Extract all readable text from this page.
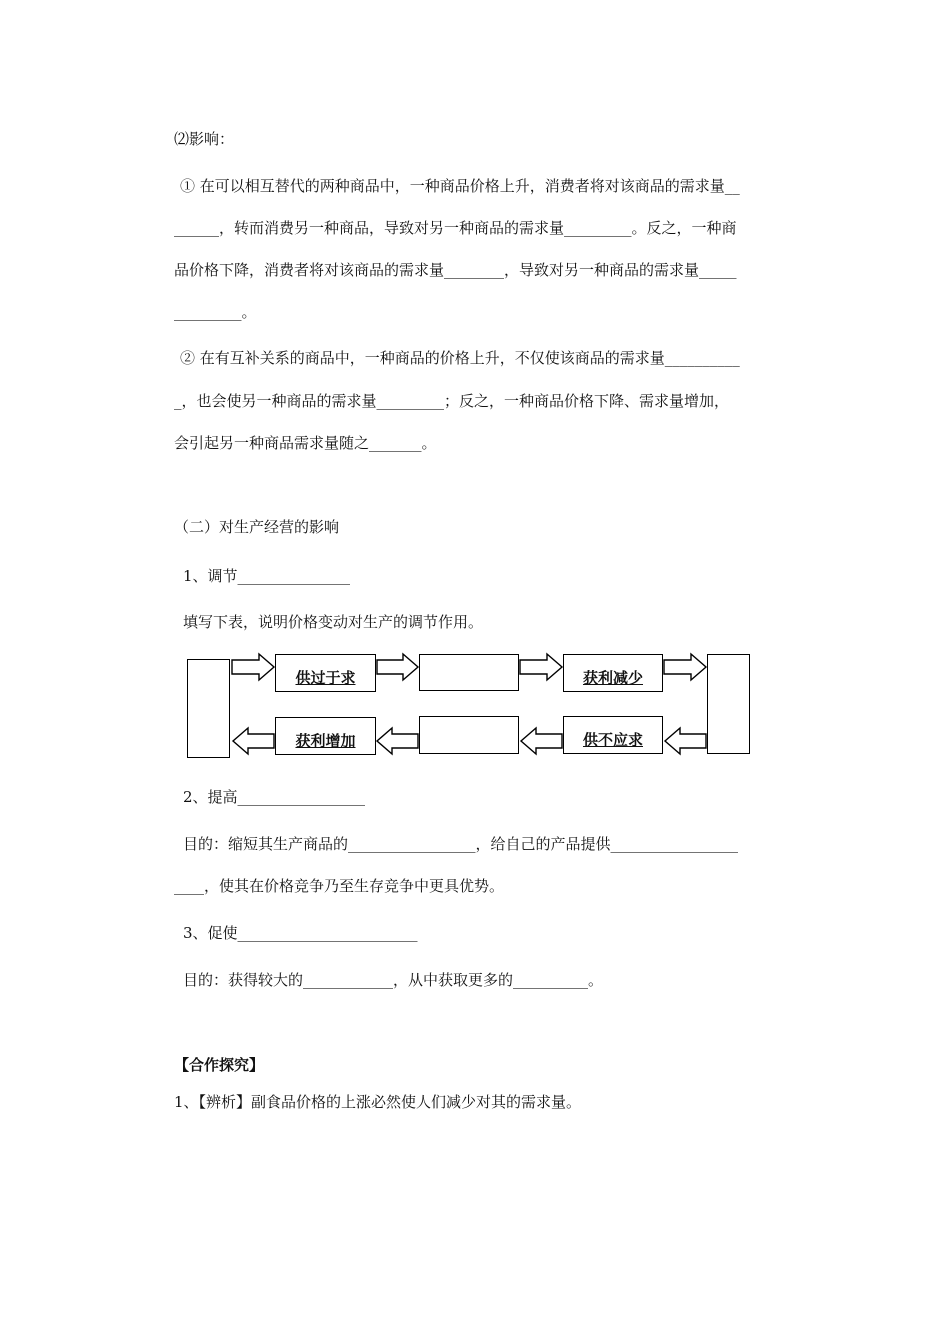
⑵影响：
① 在可以相互替代的两种商品中，一种商品价格上升，消费者将对该商品的需求量__
______，转而消费另一种商品，导致对另一种商品的需求量_________。反之，一种商
品价格下降，消费者将对该商品的需求量________，导致对另一种商品的需求量_____
_________。
② 在有互补关系的商品中，一种商品的价格上升，不仅使该商品的需求量__________
_，也会使另一种商品的需求量_________；反之，一种商品价格下降、需求量增加，
会引起另一种商品需求量随之_______。
（二）对生产经营的影响
1、调节_______________
填写下表，说明价格变动对生产的调节作用。
供过于求	获利减少
获利增加	供不应求
2、提高_________________
目的：缩短其生产商品的_________________，给自己的产品提供_________________
____，使其在价格竞争乃至生存竞争中更具优势。
3、促使________________________
目的：获得较大的____________，从中获取更多的__________。
【合作探究】
1、【辨析】副食品价格的上涨必然使人们减少对其的需求量。
